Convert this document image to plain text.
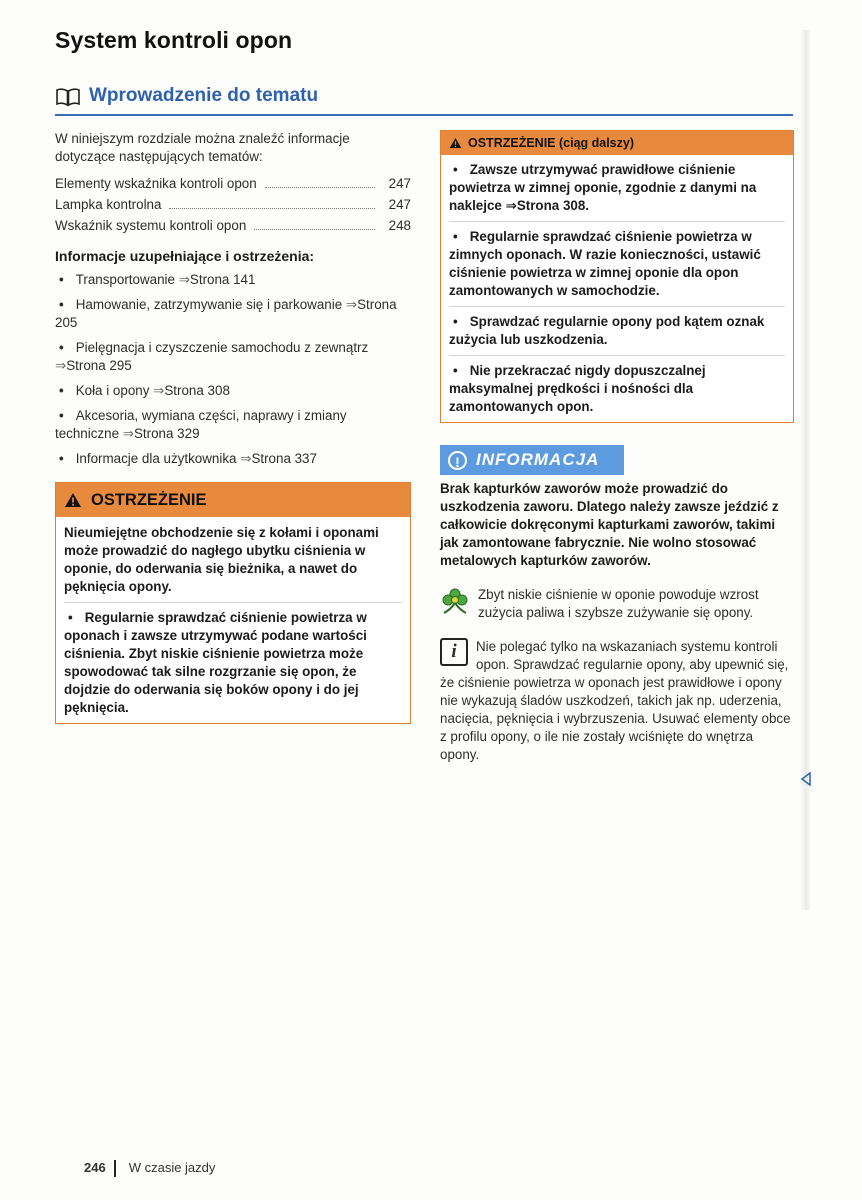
System kontroli opon
Wprowadzenie do tematu

W niniejszym rozdziale można znaleźć informacje dotyczące następujących tematów:

Elementy wskaźnika kontroli opon	247
Lampka kontrolna	247
Wskaźnik systemu kontroli opon	248
Informacje uzupełniające i ostrzeżenia:
• Transportowanie ⇒Strona 141
• Hamowanie, zatrzymywanie się i parkowanie ⇒Strona 205
• Pielęgnacja i czyszczenie samochodu z zewnątrz ⇒Strona 295
• Koła i opony ⇒Strona 308
• Akcesoria, wymiana części, naprawy i zmiany techniczne ⇒Strona 329
• Informacje dla użytkownika ⇒Strona 337
OSTRZEŻENIE

Nieumiejętne obchodzenie się z kołami i oponami może prowadzić do nagłego ubytku ciśnienia w oponie, do oderwania się bieżnika, a nawet do pęknięcia opony.

• Regularnie sprawdzać ciśnienie powietrza w oponach i zawsze utrzymywać podane wartości ciśnienia. Zbyt niskie ciśnienie powietrza może spowodować tak silne rozgrzanie się opon, że dojdzie do oderwania się boków opony i do jej pęknięcia.

OSTRZEŻENIE (ciąg dalszy)

• Zawsze utrzymywać prawidłowe ciśnienie powietrza w zimnej oponie, zgodnie z danymi na naklejce ⇒Strona 308.

• Regularnie sprawdzać ciśnienie powietrza w zimnych oponach. W razie konieczności, ustawić ciśnienie powietrza w zimnej oponie dla opon zamontowanych w samochodzie.

• Sprawdzać regularnie opony pod kątem oznak zużycia lub uszkodzenia.

• Nie przekraczać nigdy dopuszczalnej maksymalnej prędkości i nośności dla zamontowanych opon.

! INFORMACJA

Brak kapturków zaworów może prowadzić do uszkodzenia zaworu. Dlatego należy zawsze jeździć z całkowicie dokręconymi kapturkami zaworów, takimi jak zamontowane fabrycznie. Nie wolno stosować metalowych kapturków zaworów.

Zbyt niskie ciśnienie w oponie powoduje wzrost zużycia paliwa i szybsze zużywanie się opony.
i	Nie polegać tylko na wskazaniach systemu kontroli opon. Sprawdzać regularnie opony, aby upewnić się, że ciśnienie powietrza w oponach jest prawidłowe i opony nie wykazują śladów uszkodzeń, takich jak np. uderzenia, nacięcia, pęknięcia i wybrzuszenia. Usuwać elementy obce z profilu opony, o ile nie zostały wciśnięte do wnętrza opony.
246 W czasie jazdy
